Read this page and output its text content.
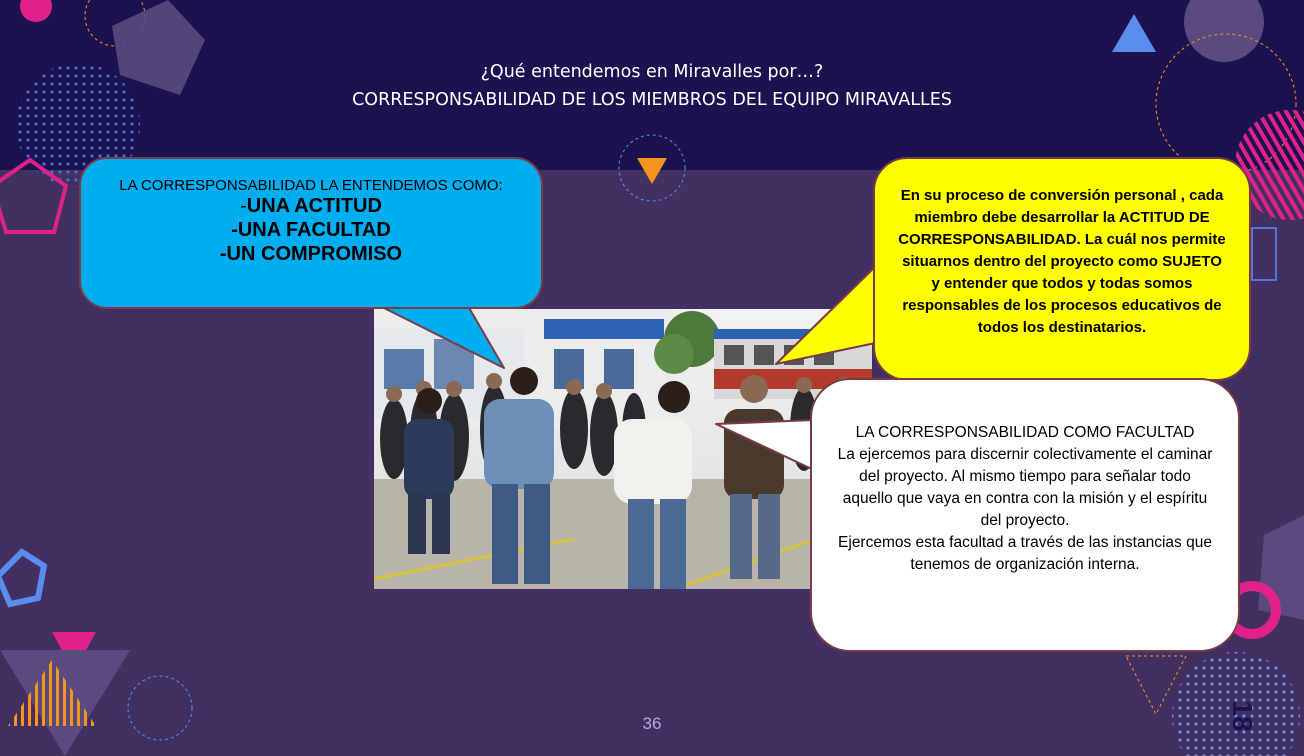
¿Qué entendemos en Miravalles por…?
CORRESPONSABILIDAD DE LOS MIEMBROS DEL EQUIPO MIRAVALLES
LA CORRESPONSABILIDAD LA ENTENDEMOS COMO:
-UNA ACTITUD
-UNA FACULTAD
-UN COMPROMISO
En su proceso de conversión personal , cada miembro debe desarrollar la ACTITUD DE CORRESPONSABILIDAD. La cuál nos permite situarnos dentro del proyecto como SUJETO y entender que todos y todas somos responsables de los procesos educativos de todos los destinatarios.
LA CORRESPONSABILIDAD COMO FACULTAD
La ejercemos para discernir colectivamente el caminar del proyecto. Al mismo tiempo para señalar todo aquello que vaya en contra con la misión y el espíritu del proyecto.
Ejercemos esta facultad a través de las instancias que tenemos de organización interna.
36	18
